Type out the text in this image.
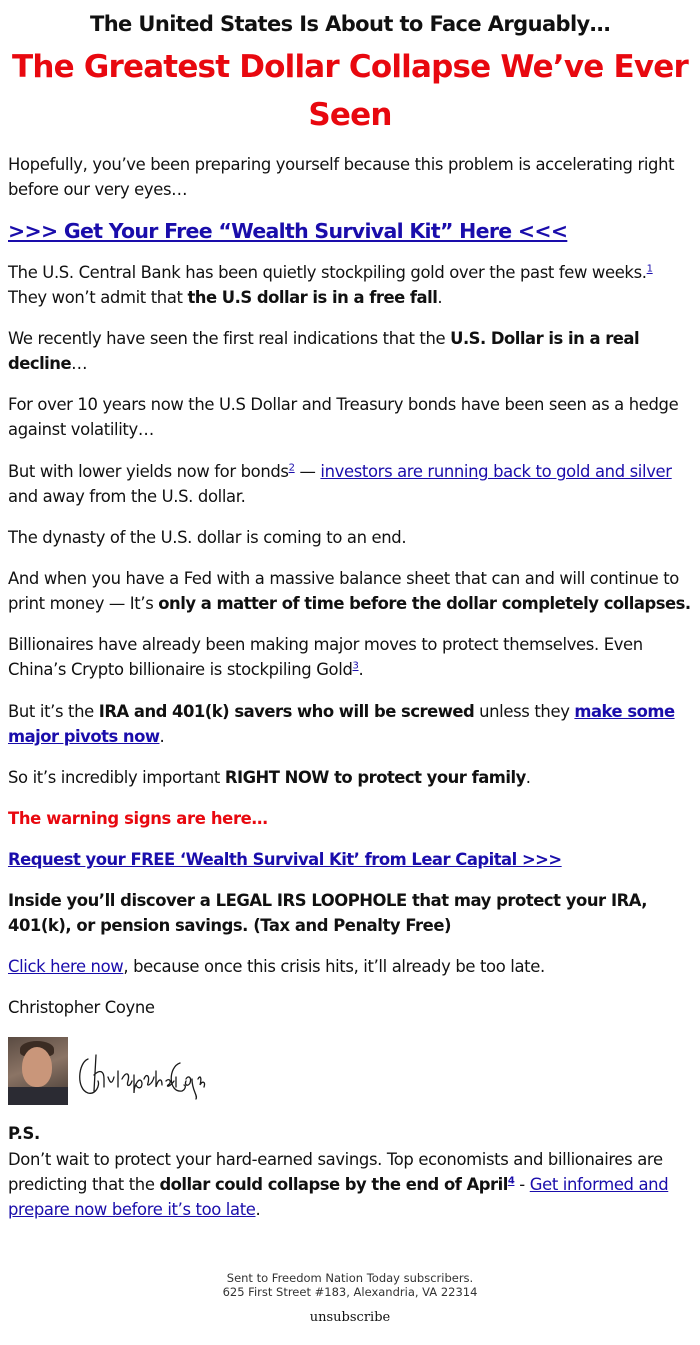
The United States Is About to Face Arguably…
The Greatest Dollar Collapse We’ve Ever
Seen

Hopefully, you’ve been preparing yourself because this problem is accelerating right before our very eyes…

>>> Get Your Free “Wealth Survival Kit” Here <<<

The U.S. Central Bank has been quietly stockpiling gold over the past few weeks.$^1$ They won’t admit that the U.S dollar is in a free fall.

We recently have seen the first real indications that the U.S. Dollar is in a real decline…

For over 10 years now the U.S Dollar and Treasury bonds have been seen as a hedge against volatility…

But with lower yields now for bonds$^2$ — investors are running back to gold and silver and away from the U.S. dollar.

The dynasty of the U.S. dollar is coming to an end.

And when you have a Fed with a massive balance sheet that can and will continue to print money — It’s only a matter of time before the dollar completely collapses.

Billionaires have already been making major moves to protect themselves. Even China’s Crypto billionaire is stockpiling Gold$^3$.

But it’s the IRA and 401(k) savers who will be screwed unless they make some major pivots now.

So it’s incredibly important RIGHT NOW to protect your family.

The warning signs are here…

Request your FREE ‘Wealth Survival Kit’ from Lear Capital >>>

Inside you’ll discover a LEGAL IRS LOOPHOLE that may protect your IRA, 401(k), or pension savings. (Tax and Penalty Free)

Click here now, because once this crisis hits, it’ll already be too late.

Christopher Coyne

P.S.

Don’t wait to protect your hard-earned savings. Top economists and billionaires are predicting that the dollar could collapse by the end of April$^4$ - Get informed and prepare now before it’s too late.

Sent to Freedom Nation Today subscribers.
625 First Street #183, Alexandria, VA 22314
unsubscribe
